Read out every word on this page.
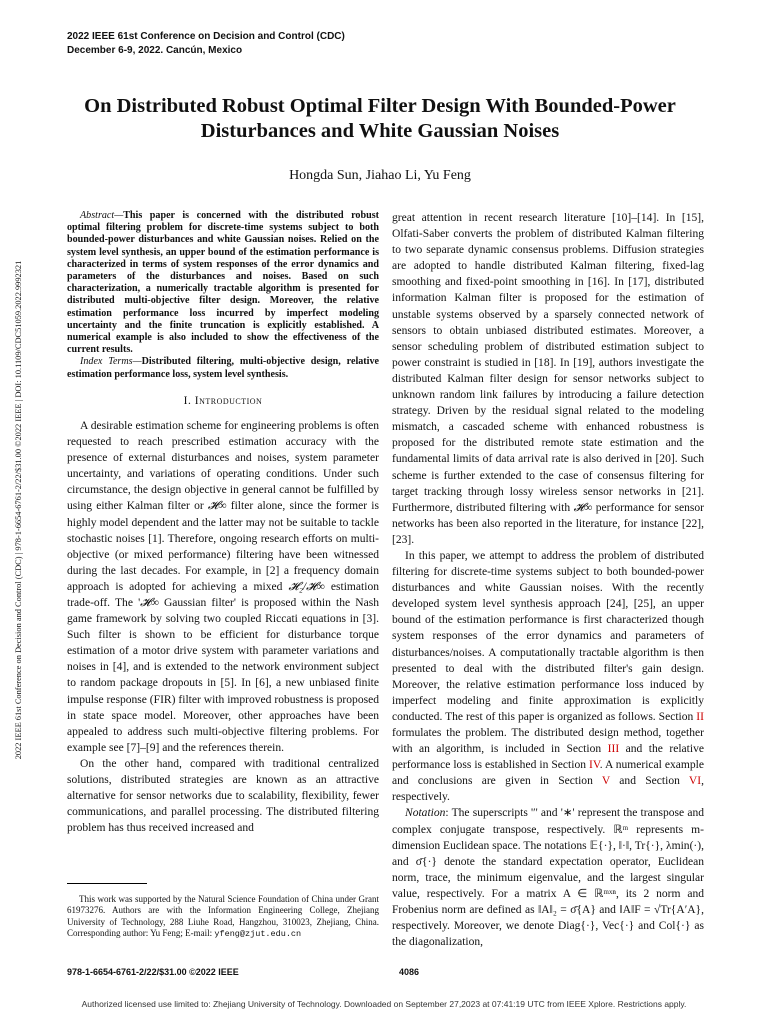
2022 IEEE 61st Conference on Decision and Control (CDC)
December 6-9, 2022. Cancún, Mexico
On Distributed Robust Optimal Filter Design With Bounded-Power
Disturbances and White Gaussian Noises
Hongda Sun, Jiahao Li, Yu Feng
2022 IEEE 61st Conference on Decision and Control (CDC) | 978-1-6654-6761-2/22/$31.00 ©2022 IEEE | DOI: 10.1109/CDC51059.2022.9992321

Abstract—This paper is concerned with the distributed robust optimal filtering problem for discrete-time systems subject to both bounded-power disturbances and white Gaussian noises. Relied on the system level synthesis, an upper bound of the estimation performance is characterized in terms of system responses of the error dynamics and parameters of the disturbances and noises. Based on such characterization, a numerically tractable algorithm is presented for distributed multi-objective filter design. Moreover, the relative estimation performance loss incurred by imperfect modeling uncertainty and the finite truncation is explicitly established. A numerical example is also included to show the effectiveness of the current results.

Index Terms—Distributed filtering, multi-objective design, relative estimation performance loss, system level synthesis.

I. Introduction

A desirable estimation scheme for engineering problems is often requested to reach prescribed estimation accuracy with the presence of external disturbances and noises, system parameter uncertainty, and variations of operating conditions. Under such circumstance, the design objective in general cannot be fulfilled by using either Kalman filter or 𝓗∞ filter alone, since the former is highly model dependent and the latter may not be suitable to tackle stochastic noises [1]. Therefore, ongoing research efforts on multi-objective (or mixed performance) filtering have been witnessed during the last decades. For example, in [2] a frequency domain approach is adopted for achieving a mixed 𝓗₂/𝓗∞ estimation trade-off. The '𝓗∞ Gaussian filter' is proposed within the Nash game framework by solving two coupled Riccati equations in [3]. Such filter is shown to be efficient for disturbance torque estimation of a motor drive system with parameter variations and noises in [4], and is extended to the network environment subject to random package dropouts in [5]. In [6], a new unbiased finite impulse response (FIR) filter with improved robustness is proposed in state space model. Moreover, other approaches have been appealed to address such multi-objective filtering problems. For example see [7]–[9] and the references therein.

On the other hand, compared with traditional centralized solutions, distributed strategies are known as an attractive alternative for sensor networks due to scalability, flexibility, fewer communications, and parallel processing. The distributed filtering problem has thus received increased and

This work was supported by the Natural Science Foundation of China under Grant 61973276. Authors are with the Information Engineering College, Zhejiang University of Technology, 288 Liuhe Road, Hangzhou, 310023, Zhejiang, China. Corresponding author: Yu Feng; E-mail: yfeng@zjut.edu.cn

great attention in recent research literature [10]–[14]. In [15], Olfati-Saber converts the problem of distributed Kalman filtering to two separate dynamic consensus problems. Diffusion strategies are adopted to handle distributed Kalman filtering, fixed-lag smoothing and fixed-point smoothing in [16]. In [17], distributed information Kalman filter is proposed for the estimation of unstable systems observed by a sparsely connected network of sensors to obtain unbiased distributed estimates. Moreover, a sensor scheduling problem of distributed estimation subject to power constraint is studied in [18]. In [19], authors investigate the distributed Kalman filter design for sensor networks subject to unknown random link failures by introducing a failure detection strategy. Driven by the residual signal related to the modeling mismatch, a cascaded scheme with enhanced robustness is proposed for the distributed remote state estimation and the fundamental limits of data arrival rate is also derived in [20]. Such scheme is further extended to the case of consensus filtering for target tracking through lossy wireless sensor networks in [21]. Furthermore, distributed filtering with 𝓗∞ performance for sensor networks has been also reported in the literature, for instance [22], [23].

In this paper, we attempt to address the problem of distributed filtering for discrete-time systems subject to both bounded-power disturbances and white Gaussian noises. With the recently developed system level synthesis approach [24], [25], an upper bound of the estimation performance is first characterized though system responses of the error dynamics and parameters of disturbances/noises. A computationally tractable algorithm is then presented to deal with the distributed filter's gain design. Moreover, the relative estimation performance loss induced by imperfect modeling and finite approximation is explicitly conducted. The rest of this paper is organized as follows. Section II formulates the problem. The distributed design method, together with an algorithm, is included in Section III and the relative performance loss is established in Section IV. A numerical example and conclusions are given in Section V and Section VI, respectively.

Notation: The superscripts '′' and '∗' represent the transpose and complex conjugate transpose, respectively. ℝᵐ represents m-dimension Euclidean space. The notations 𝔼{·}, ‖·‖, Tr{·}, λmin(·), and σ̄{·} denote the standard expectation operator, Euclidean norm, trace, the minimum eigenvalue, and the largest singular value, respectively. For a matrix A ∈ ℝᵐˣⁿ, its 2 norm and Frobenius norm are defined as ‖A‖₂ = σ̄{A} and ‖A‖F = √Tr{A′A}, respectively. Moreover, we denote Diag{·}, Vec{·} and Col{·} as the diagonalization,

978-1-6654-6761-2/22/$31.00 ©2022 IEEE	4086
Authorized licensed use limited to: Zhejiang University of Technology. Downloaded on September 27,2023 at 07:41:19 UTC from IEEE Xplore. Restrictions apply.
